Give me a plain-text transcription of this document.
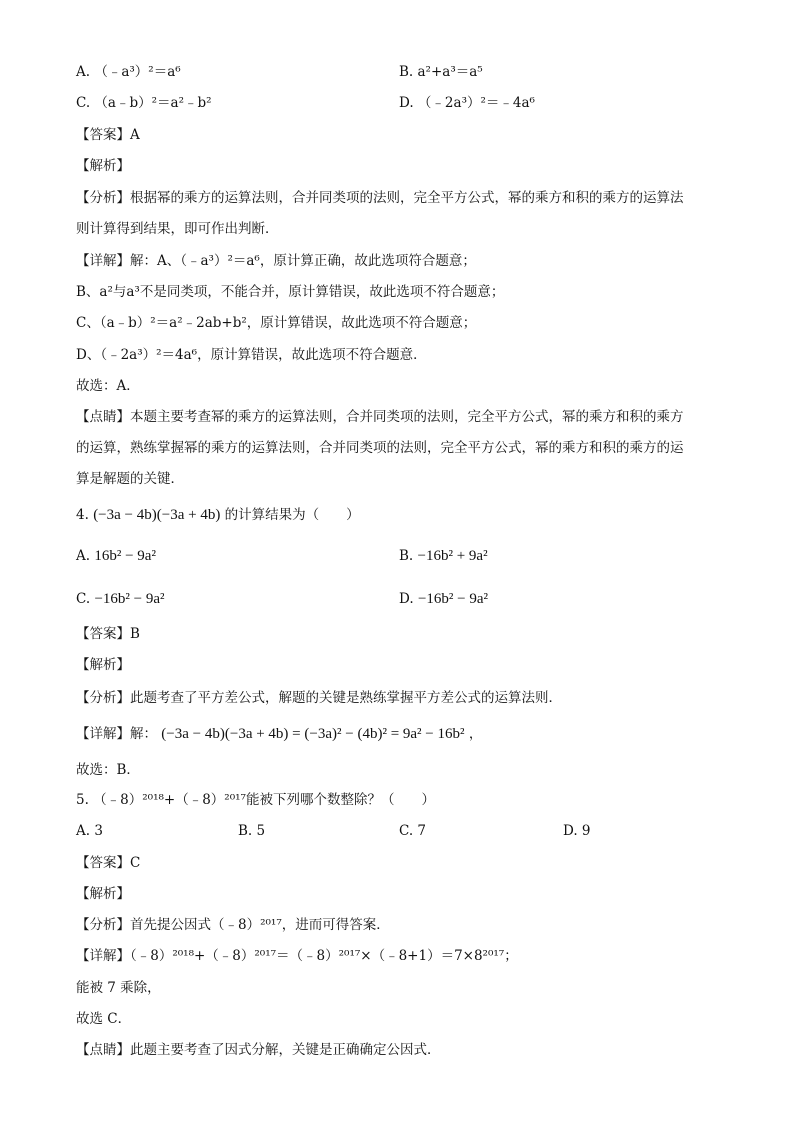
A. （﹣a³）²＝a⁶	B. a²+a³＝a⁵
C. （a﹣b）²＝a²﹣b²	D. （﹣2a³）²＝﹣4a⁶
【答案】A
【解析】
【分析】根据幂的乘方的运算法则，合并同类项的法则，完全平方公式，幂的乘方和积的乘方的运算法
则计算得到结果，即可作出判断．
【详解】解：A、（﹣a³）²＝a⁶，原计算正确，故此选项符合题意；
B、a²与a³不是同类项，不能合并，原计算错误，故此选项不符合题意；
C、（a﹣b）²＝a²﹣2ab+b²，原计算错误，故此选项不符合题意；
D、（﹣2a³）²＝4a⁶，原计算错误，故此选项不符合题意．
故选：A．
【点睛】本题主要考查幂的乘方的运算法则，合并同类项的法则，完全平方公式，幂的乘方和积的乘方
的运算，熟练掌握幂的乘方的运算法则，合并同类项的法则，完全平方公式，幂的乘方和积的乘方的运
算是解题的关键．
4. (−3a − 4b)(−3a + 4b) 的计算结果为（　　）
A. 16b² − 9a²	B. −16b² + 9a²
C. −16b² − 9a²	D. −16b² − 9a²
【答案】B
【解析】
【分析】此题考查了平方差公式，解题的关键是熟练掌握平方差公式的运算法则．
【详解】解： (−3a − 4b)(−3a + 4b) = (−3a)² − (4b)² = 9a² − 16b² ，
故选：B．
5. （﹣8）²⁰¹⁸+（﹣8）²⁰¹⁷能被下列哪个数整除？（　　）
A. 3	B. 5	C. 7	D. 9
【答案】C
【解析】
【分析】首先提公因式（﹣8）²⁰¹⁷，进而可得答案．
【详解】（﹣8）²⁰¹⁸+（﹣8）²⁰¹⁷＝（﹣8）²⁰¹⁷×（﹣8+1）＝7×8²⁰¹⁷；
能被 7 乘除，
故选 C．
【点睛】此题主要考查了因式分解，关键是正确确定公因式．
